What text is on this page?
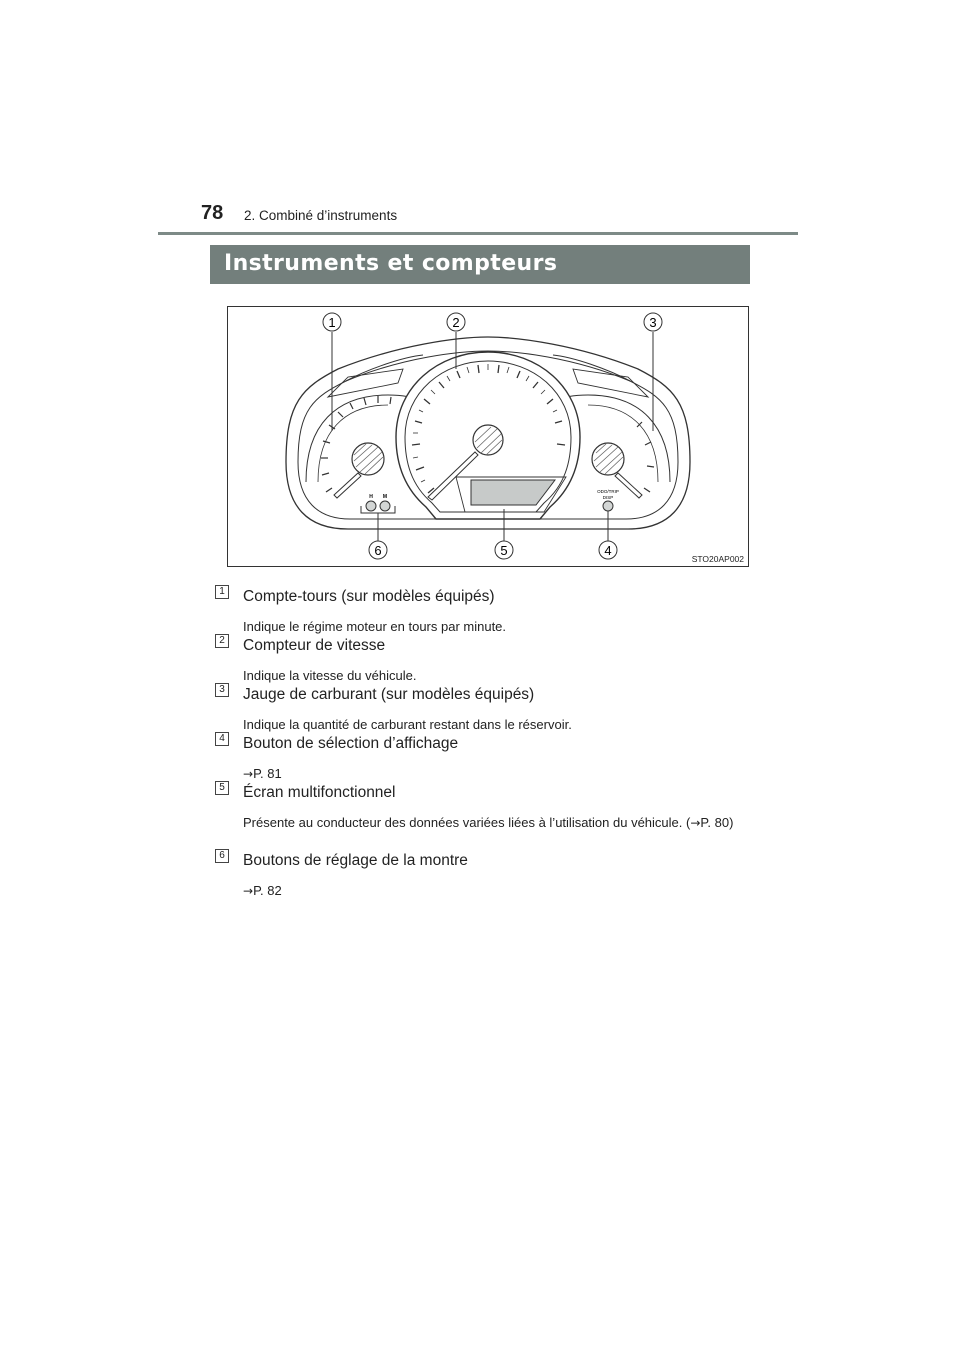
78 2. Combiné d’instruments
Instruments et compteurs
H M
ODO/TRIP
DISP
1	2	3
6	5	4
STO20AP002
1 Compte-tours (sur modèles équipés)
Indique le régime moteur en tours par minute.
2 Compteur de vitesse
Indique la vitesse du véhicule.
3 Jauge de carburant (sur modèles équipés)
Indique la quantité de carburant restant dans le réservoir.
4 Bouton de sélection d’affichage
→P. 81
5 Écran multifonctionnel
Présente au conducteur des données variées liées à l’utilisation du véhicule. (→P. 80)
6 Boutons de réglage de la montre
→P. 82
